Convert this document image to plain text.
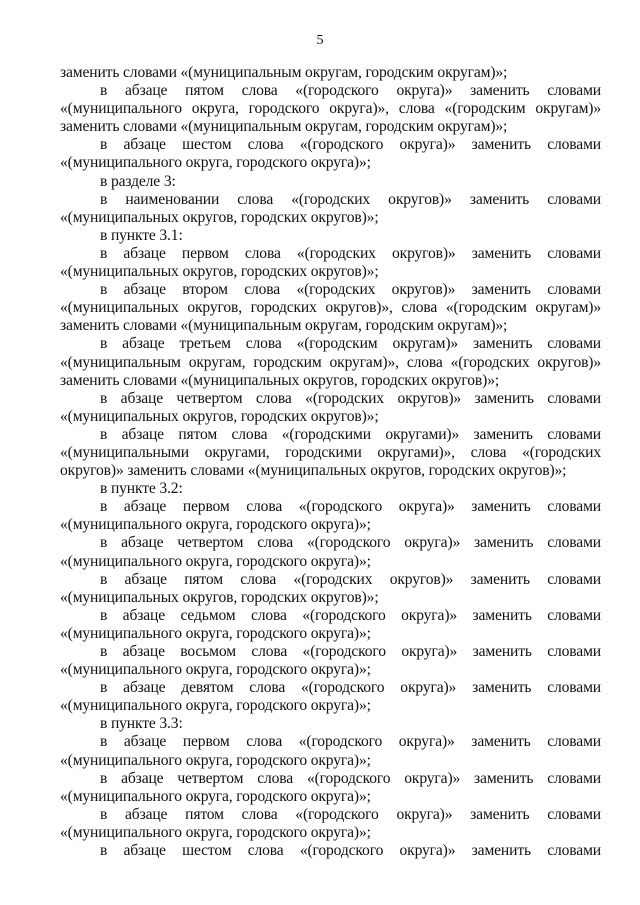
5

заменить словами «(муниципальным округам, городским округам)»;

в абзаце пятом слова «(городского округа)» заменить словами «(муниципального округа, городского округа)», слова «(городским округам)» заменить словами «(муниципальным округам, городским округам)»;

в абзаце шестом слова «(городского округа)» заменить словами «(муниципального округа, городского округа)»;

в разделе 3:

в наименовании слова «(городских округов)» заменить словами «(муниципальных округов, городских округов)»;

в пункте 3.1:

в абзаце первом слова «(городских округов)» заменить словами «(муниципальных округов, городских округов)»;

в абзаце втором слова «(городских округов)» заменить словами «(муниципальных округов, городских округов)», слова «(городским округам)» заменить словами «(муниципальным округам, городским округам)»;

в абзаце третьем слова «(городским округам)» заменить словами «(муниципальным округам, городским округам)», слова «(городских округов)» заменить словами «(муниципальных округов, городских округов)»;

в абзаце четвертом слова «(городских округов)» заменить словами «(муниципальных округов, городских округов)»;

в абзаце пятом слова «(городскими округами)» заменить словами «(муниципальными округами, городскими округами)», слова «(городских округов)» заменить словами «(муниципальных округов, городских округов)»;

в пункте 3.2:

в абзаце первом слова «(городского округа)» заменить словами «(муниципального округа, городского округа)»;

в абзаце четвертом слова «(городского округа)» заменить словами «(муниципального округа, городского округа)»;

в абзаце пятом слова «(городских округов)» заменить словами «(муниципальных округов, городских округов)»;

в абзаце седьмом слова «(городского округа)» заменить словами «(муниципального округа, городского округа)»;

в абзаце восьмом слова «(городского округа)» заменить словами «(муниципального округа, городского округа)»;

в абзаце девятом слова «(городского округа)» заменить словами «(муниципального округа, городского округа)»;

в пункте 3.3:

в абзаце первом слова «(городского округа)» заменить словами «(муниципального округа, городского округа)»;

в абзаце четвертом слова «(городского округа)» заменить словами «(муниципального округа, городского округа)»;

в абзаце пятом слова «(городского округа)» заменить словами «(муниципального округа, городского округа)»;

в абзаце шестом слова «(городского округа)» заменить словами
